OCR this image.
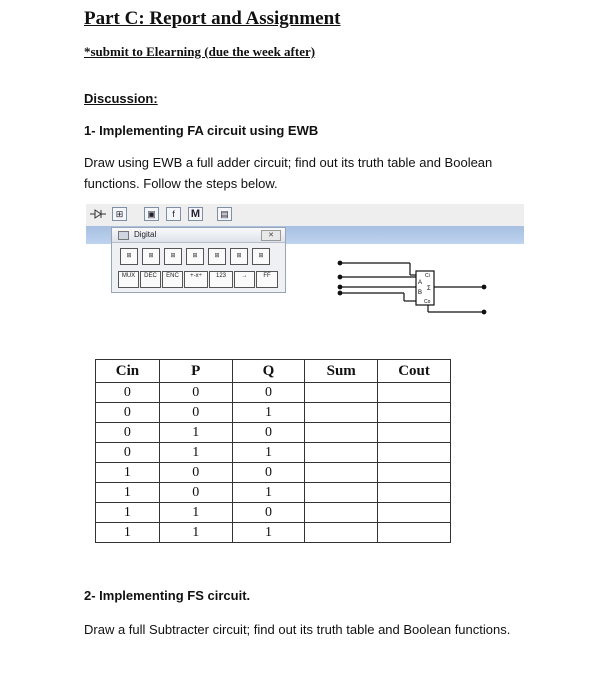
Part C: Report and Assignment
*submit to Elearning (due the week after)
Discussion:
1- Implementing FA circuit using EWB
Draw using EWB a full adder circuit; find out its truth table and Boolean functions. Follow the steps below.
⊞	▣	f	M	▤
Digital	✕
⊞	⊞	⊞	⊞	⊞	⊞	⊞
MUX	DEC	ENC	+-x÷	123	→	FF
A
B
Ci
Co
Σ
Cin	P	Q	Sum	Cout
0	0	0		
0	0	1		
0	1	0		
0	1	1		
1	0	0		
1	0	1		
1	1	0		
1	1	1		
2- Implementing FS circuit.
Draw a full Subtracter circuit; find out its truth table and Boolean functions.
